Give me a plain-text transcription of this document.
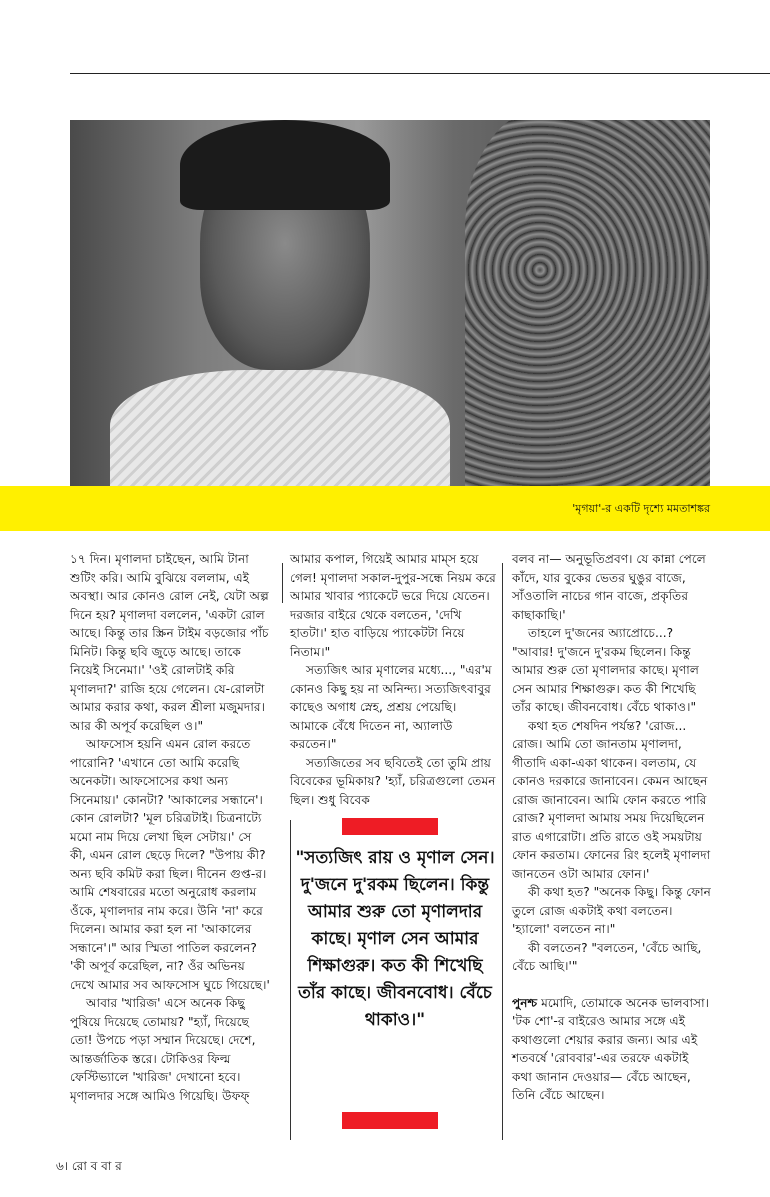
'মৃগয়া'-র একটি দৃশ্যে মমতাশঙ্কর

১৭ দিন। মৃণালদা চাইছেন, আমি টানা শুটিং করি। আমি বুঝিয়ে বললাম, এই অবস্থা। আর কোনও রোল নেই, যেটা অল্প দিনে হয়? মৃণালদা বললেন, 'একটা রোল আছে। কিন্তু তার স্ক্রিন টাইম বড়জোর পাঁচ মিনিট। কিন্তু ছবি জুড়ে আছে। তাকে নিয়েই সিনেমা।' 'ওই রোলটাই করি মৃণালদা?' রাজি হয়ে গেলেন। যে-রোলটা আমার করার কথা, করল শ্রীলা মজুমদার। আর কী অপূর্ব করেছিল ও।"

আফসোস হয়নি এমন রোল করতে পারোনি? 'এখানে তো আমি করেছি অনেকটা। আফসোসের কথা অন্য সিনেমায়।' কোনটা? 'আকালের সন্ধানে'। কোন রোলটা? 'মূল চরিত্রটাই। চিত্রনাট্যে মমো নাম দিয়ে লেখা ছিল সেটায়।' সে কী, এমন রোল ছেড়ে দিলে? "উপায় কী? অন্য ছবি কমিট করা ছিল। দীনেন গুপ্ত-র। আমি শেষবারের মতো অনুরোধ করলাম ওঁকে, মৃণালদার নাম করে। উনি 'না' করে দিলেন। আমার করা হল না 'আকালের সন্ধানে'।" আর স্মিতা পাতিল করলেন? 'কী অপূর্ব করেছিল, না? ওঁর অভিনয় দেখে আমার সব আফসোস ঘুচে গিয়েছে।'

আবার 'খারিজ' এসে অনেক কিছু পুষিয়ে দিয়েছে তোমায়? "হ্যাঁ, দিয়েছে তো! উপচে পড়া সম্মান দিয়েছে। দেশে, আন্তর্জাতিক স্তরে। টোকিওর ফিল্ম ফেস্টিভ্যালে 'খারিজ' দেখানো হবে। মৃণালদার সঙ্গে আমিও গিয়েছি। উফফ্

আমার কপাল, গিয়েই আমার মাম্স হয়ে গেল! মৃণালদা সকাল-দুপুর-সন্ধে নিয়ম করে আমার খাবার প্যাকেটে ভরে দিয়ে যেতেন। দরজার বাইরে থেকে বলতেন, 'দেখি হাতটা।' হাত বাড়িয়ে প্যাকেটটা নিয়ে নিতাম।"

সত্যজিৎ আর মৃণালের মধ্যে..., "এর'ম কোনও কিছু হয় না অনিন্দ্য। সত্যজিৎবাবুর কাছেও অগাধ স্নেহ, প্রশ্রয় পেয়েছি। আমাকে বেঁধে দিতেন না, অ্যালাউ করতেন।"

সত্যজিতের সব ছবিতেই তো তুমি প্রায় বিবেকের ভূমিকায়? 'হ্যাঁ, চরিত্রগুলো তেমন ছিল। শুধু বিবেক

"সত্যজিৎ রায় ও মৃণাল সেন। দু'জনে দু'রকম ছিলেন। কিন্তু আমার শুরু তো মৃণালদার কাছে। মৃণাল সেন আমার শিক্ষাগুরু। কত কী শিখেছি তাঁর কাছে। জীবনবোধ। বেঁচে থাকাও।"

বলব না— অনুভূতিপ্রবণ। যে কান্না পেলে কাঁদে, যার বুকের ভেতর ঘুঙুর বাজে, সাঁওতালি নাচের গান বাজে, প্রকৃতির কাছাকাছি।'

তাহলে দু'জনের অ্যাপ্রোচে...? "আবার! দু'জনে দু'রকম ছিলেন। কিন্তু আমার শুরু তো মৃণালদার কাছে। মৃণাল সেন আমার শিক্ষাগুরু। কত কী শিখেছি তাঁর কাছে। জীবনবোধ। বেঁচে থাকাও।"

কথা হত শেষদিন পর্যন্ত? 'রোজ... রোজ। আমি তো জানতাম মৃণালদা, গীতাদি একা-একা থাকেন। বলতাম, যে কোনও দরকারে জানাবেন। কেমন আছেন রোজ জানাবেন। আমি ফোন করতে পারি রোজ? মৃণালদা আমায় সময় দিয়েছিলেন রাত এগারোটা। প্রতি রাতে ওই সময়টায় ফোন করতাম। ফোনের রিং হলেই মৃণালদা জানতেন ওটা আমার ফোন।'

কী কথা হত? "অনেক কিছু। কিন্তু ফোন তুলে রোজ একটাই কথা বলতেন। 'হ্যালো' বলতেন না।"

কী বলতেন? "বলতেন, 'বেঁচে আছি, বেঁচে আছি।'"

পুনশ্চ মমোদি, তোমাকে অনেক ভালবাসা। 'টক শো'-র বাইরেও আমার সঙ্গে এই কথাগুলো শেয়ার করার জন্য। আর এই শতবর্ষে 'রোববার'-এর তরফে একটাই কথা জানান দেওয়ার— বেঁচে আছেন, তিনি বেঁচে আছেন।

৬। রো ব বা র
